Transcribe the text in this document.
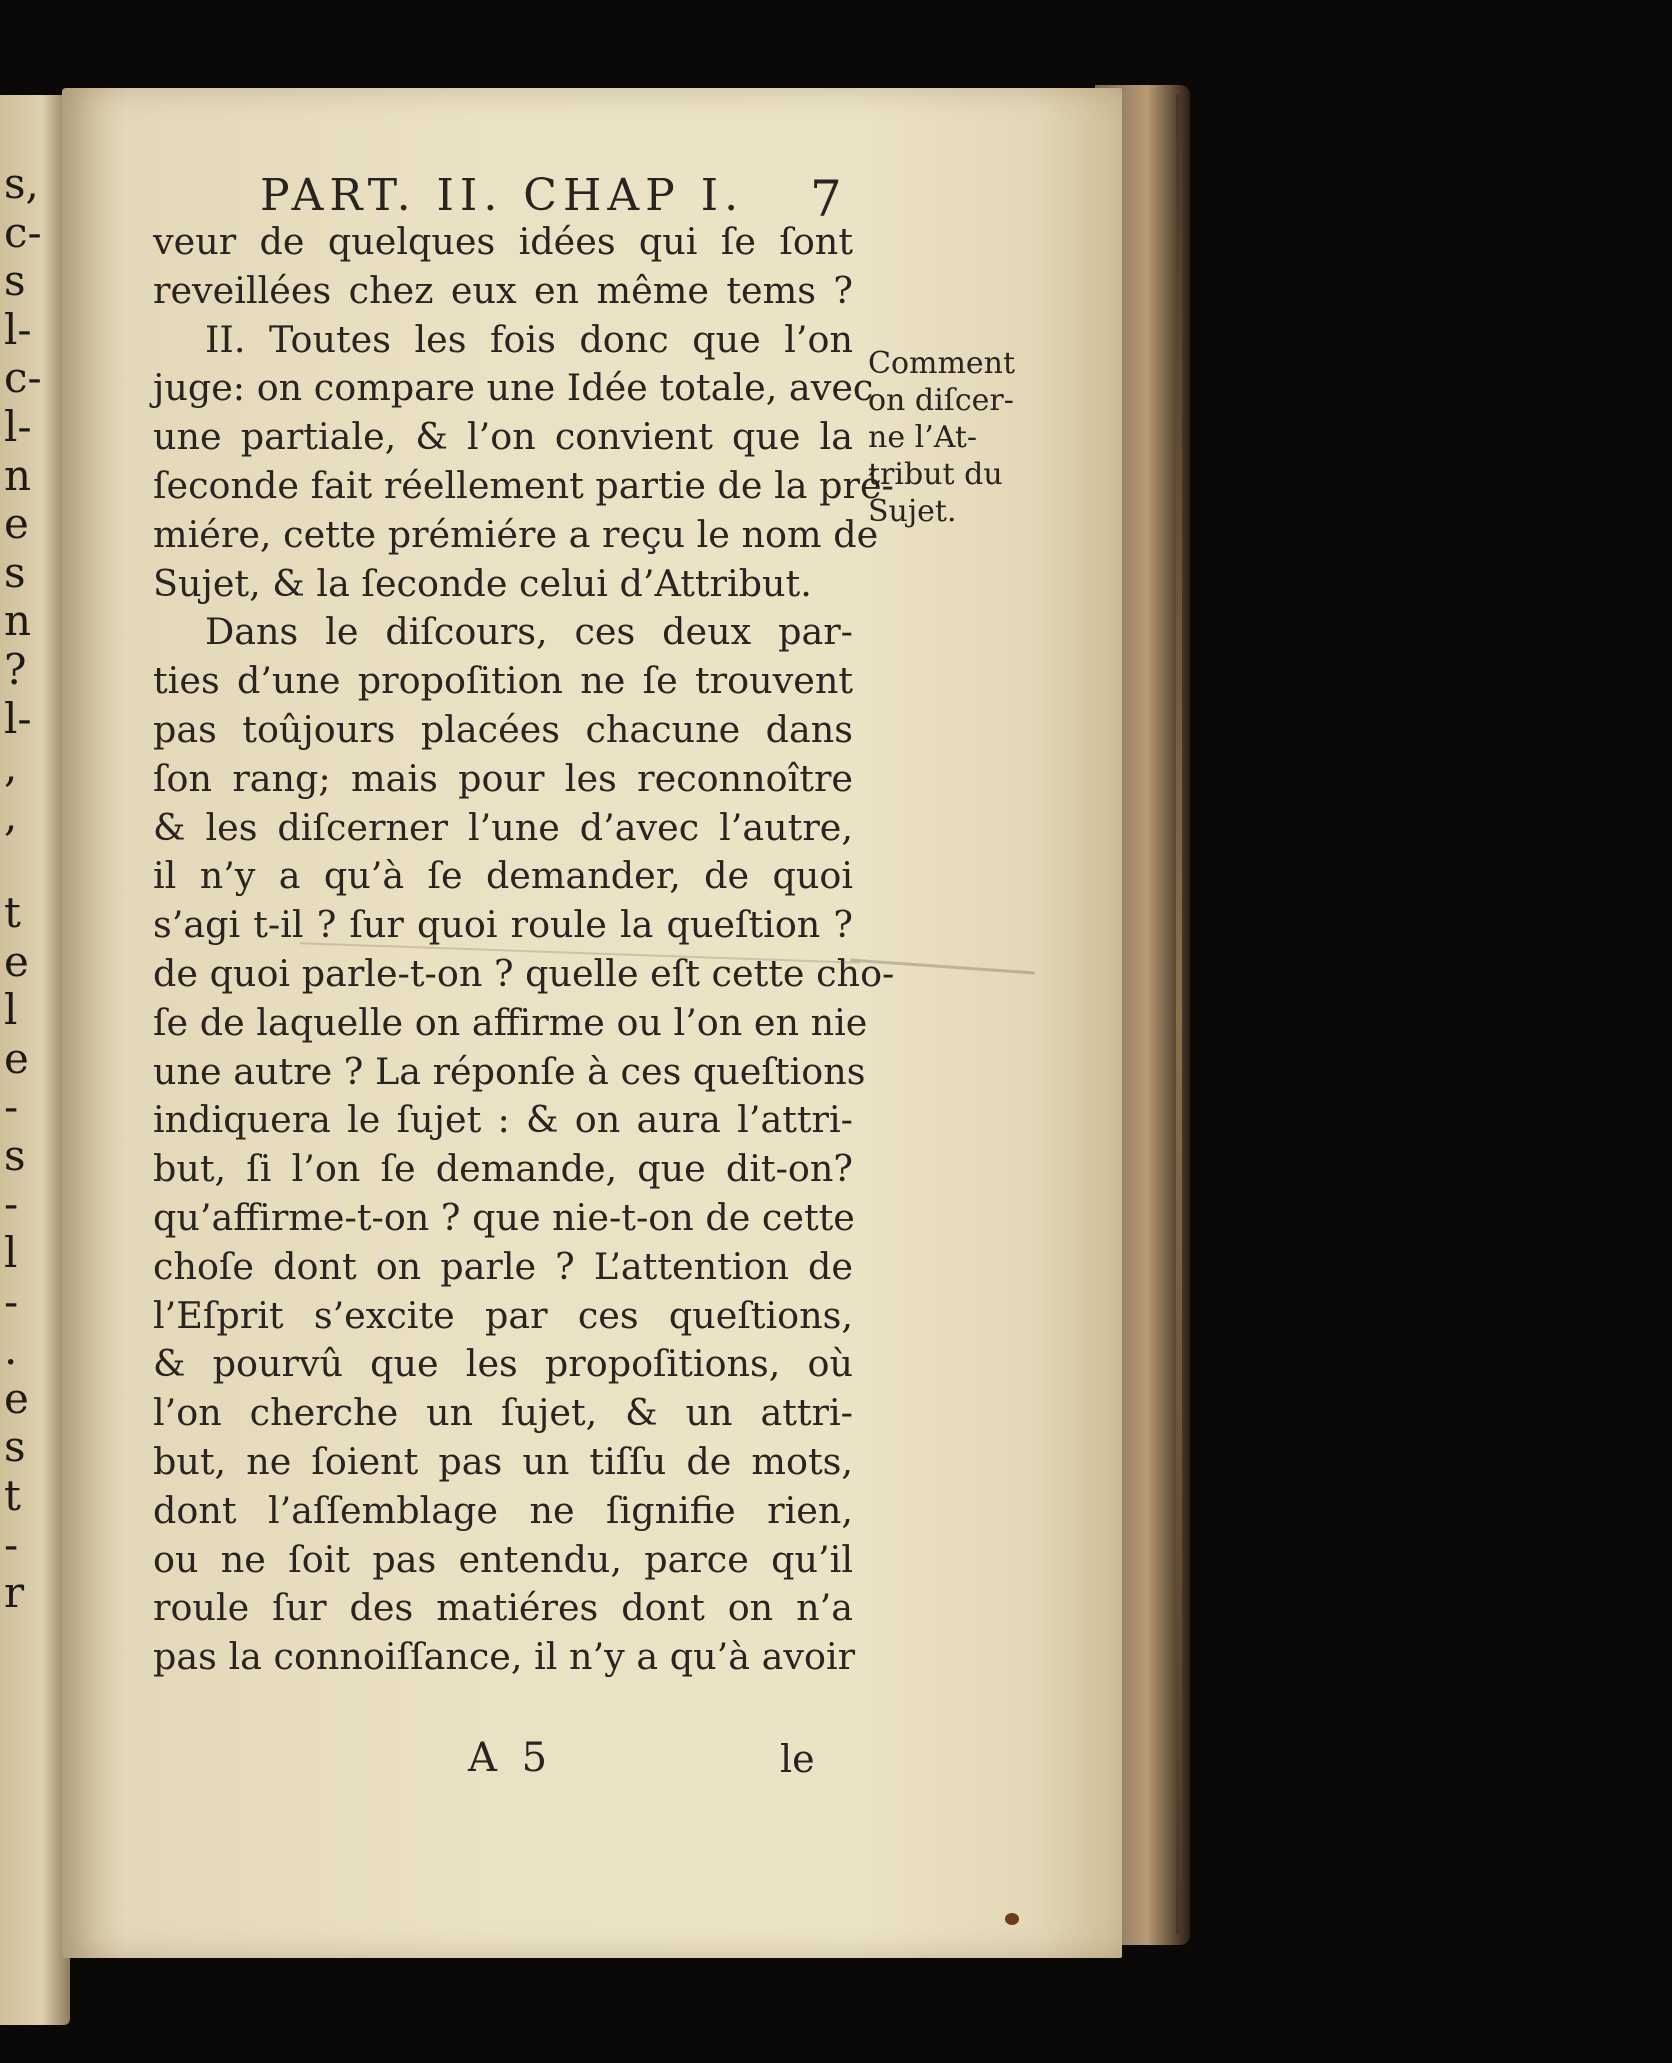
s,
c-
s
l-
c-
l-
n
e
s
n
?
l-
,
,
t
e
l
e
-
s
-
l
-
.
e
s
t
-
r
PART. II. CHAP I. 7
veur de quelques idées qui ſe ſont
reveillées chez eux en même tems ?
II. Toutes les fois donc que l’on
juge: on compare une Idée totale, avec
une partiale, & l’on convient que la
ſeconde fait réellement partie de la pré-
miére, cette prémiére a reçu le nom de
Sujet, & la ſeconde celui d’Attribut.
Dans le diſcours, ces deux par-
ties d’une propoſition ne ſe trouvent
pas toûjours placées chacune dans
ſon rang; mais pour les reconnoître
& les diſcerner l’une d’avec l’autre,
il n’y a qu’à ſe demander, de quoi
s’agi t-il ? ſur quoi roule la queſtion ?
de quoi parle-t-on ? quelle eſt cette cho-
ſe de laquelle on affirme ou l’on en nie
une autre ? La réponſe à ces queſtions
indiquera le ſujet : & on aura l’attri-
but, ſi l’on ſe demande, que dit-on?
qu’affirme-t-on ? que nie-t-on de cette
choſe dont on parle ? L’attention de
l’Eſprit s’excite par ces queſtions,
& pourvû que les propoſitions, où
l’on cherche un ſujet, & un attri-
but, ne ſoient pas un tiſſu de mots,
dont l’aſſemblage ne ſignifie rien,
ou ne ſoit pas entendu, parce qu’il
roule ſur des matiéres dont on n’a
pas la connoiſſance, il n’y a qu’à avoir
Comment
on diſcer-
ne l’At-
tribut du
Sujet.
A 5	le
